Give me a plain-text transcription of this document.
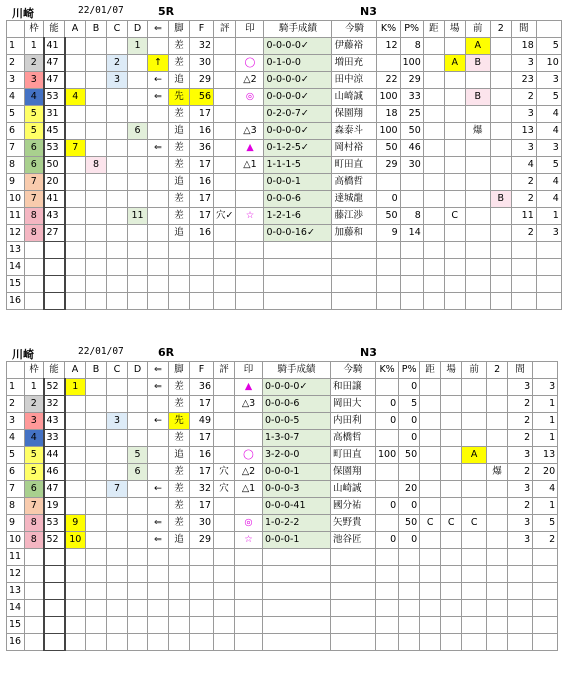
川崎	22/01/07	5R	N3
	枠	能	A	B	C	D	⇐	脚	F	評	印	騎手成績	今騎	K%	P%	距	場	前	2	間	
1	1	41				1		差	32			0-0-0-0✓	伊藤裕	12	8			A		18	5
2	2	47			2		↑	差	30		◯	0-1-0-0	増田充		100		A	B		3	10
3	3	47			3		←	追	29		△2	0-0-0-0✓	田中涼	22	29					23	3
4	4	53	4				⇐	先	56		◎	0-0-0-0✓	山崎誠	100	33			B		2	5
5	5	31						差	17			0-2-0-7✓	保園翔	18	25					3	4
6	5	45				6		追	16		△3	0-0-0-0✓	森泰斗	100	50			爆		13	4
7	6	53	7				⇐	差	36		▲	0-1-2-5✓	岡村裕	50	46					3	3
8	6	50		8				差	17		△1	1-1-1-5	町田直	29	30					4	5
9	7	20						追	16			0-0-0-1	高橋哲							2	4
10	7	41						差	17			0-0-0-6	達城龍	0					B	2	4
11	8	43				11		差	17	穴✓	☆	1-2-1-6	藤江渉	50	8		C			11	1
12	8	27						追	16			0-0-0-16✓	加藤和	9	14					2	3
13																					
14																					
15																					
16																					
川崎	22/01/07	6R	N3
	枠	能	A	B	C	D	⇐	脚	F	評	印	騎手成績	今騎	K%	P%	距	場	前	2	間	
1	1	52	1				⇐	差	36		▲	0-0-0-0✓	和田譲		0					3	3
2	2	32						差	17		△3	0-0-0-6	岡田大	0	5					2	1
3	3	43			3		←	先	49			0-0-0-5	内田利	0	0					2	1
4	4	33						差	17			1-3-0-7	高橋哲		0					2	1
5	5	44				5		追	16		◯	3-2-0-0	町田直	100	50			A		3	13
6	5	46				6		差	17	穴	△2	0-0-0-1	保園翔						爆	2	20
7	6	47			7		←	差	32	穴	△1	0-0-0-3	山崎誠		20					3	4
8	7	19						差	17			0-0-0-41	國分祐	0	0					2	1
9	8	53	9				⇐	差	30		◎	1-0-2-2	矢野貴		50	C	C	C		3	5
10	8	52	10				⇐	追	29		☆	0-0-0-1	池谷匠	0	0					3	2
11																					
12																					
13																					
14																					
15																					
16																					
